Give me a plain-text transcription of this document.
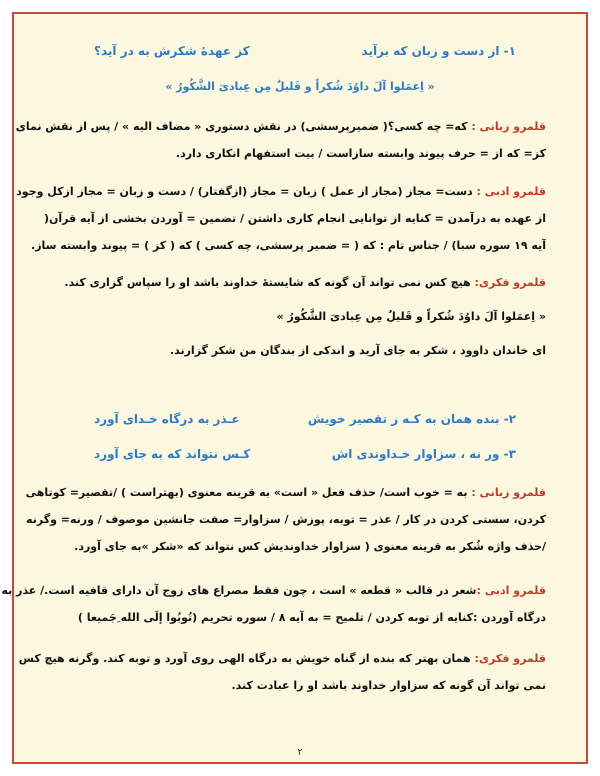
۱- از دست و زبان که برآید
کز عهدهٔ شکرش به در آید؟
« اِعمَلوا آلَ داوُدَ شُکراً و قَلیلٌ مِن عِبادیَ الشَّکُورُ »
قلمرو زبانی : که= چه کسی؟( ضمیرپرسشی) در نقش دستوری « مضاف الیه » / پس از نقش نمای
کز= که از = حرف پیوند وابسته سازاست / بیت استفهام انکاری دارد.
قلمرو ادبی : دست= مجاز (مجاز از عمل ) زبان = مجاز (ازگفتار) / دست و زبان = مجاز ازکل وجود
از عهده به درآمدن = کنایه از توانایی انجام کاری داشتن / تضمین = آوردن بخشی از آیه قرآن(
آیه ۱۹ سوره سبا) / جناس تام : که ( = ضمیر پرسشی، چه کسی ) که ( کز ) = پیوند وابسته ساز.
قلمرو فکری: هیچ کس نمی تواند آن گونه که شایستهٔ خداوند باشد او را سپاس گزاری کند.
« اِعمَلوا آلَ داوُدَ شُکراً و قَلیلٌ مِن عِبادیَ الشَّکُورُ »
ای خاندان داوود ، شکر به جای آرید و اندکی از بندگان من شکر گزارند.
۲- بنده همان به کـه ز تقصیر خویش
عـذر به درگاه خـدای آورد
۳- ور نه ، سزاوار خـداوندی اش
کـس نتواند که به جای آورد
قلمرو زبانی : به = خوب است/ حذف فعل « است» به قرینه معنوی (بهتراست ) /تقصیر= کوتاهی
کردن، سستی کردن در کار / عذر = توبه، پوزش / سزاوار= صفت جانشین موصوف / ورنه= وگرنه
/حذف واژه شُکر به قرینه معنوی ( سزاوار خداوندیش کس نتواند که «شکر »به جای آورد.
قلمرو ادبی :شعر در قالب « قطعه » است ، چون فقط مصراع های زوج آن دارای قافیه است./ عذر به
درگاه آوردن :کنایه از توبه کردن / تلمیح = به آیه ۸ / سوره تحریم (تُوبُوا إلَی الله ِجَمیعا )
قلمرو فکری: همان بهتر که بنده از گناه خویش به درگاه الهی روی آورد و توبه کند. وگرنه هیچ کس
نمی تواند آن گونه که سزاوار خداوند باشد او را عبادت کند.
۲
